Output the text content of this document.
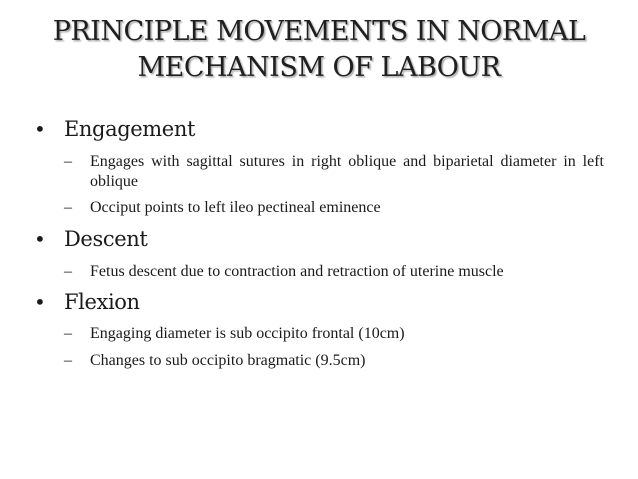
PRINCIPLE MOVEMENTS IN NORMAL
MECHANISM OF LABOUR
• Engagement
– Engages with sagittal sutures in right oblique and biparietal diameter in left oblique
– Occiput points to left ileo pectineal eminence
• Descent
– Fetus descent due to contraction and retraction of uterine muscle
• Flexion
– Engaging diameter is sub occipito frontal (10cm)
– Changes to sub occipito bragmatic (9.5cm)
